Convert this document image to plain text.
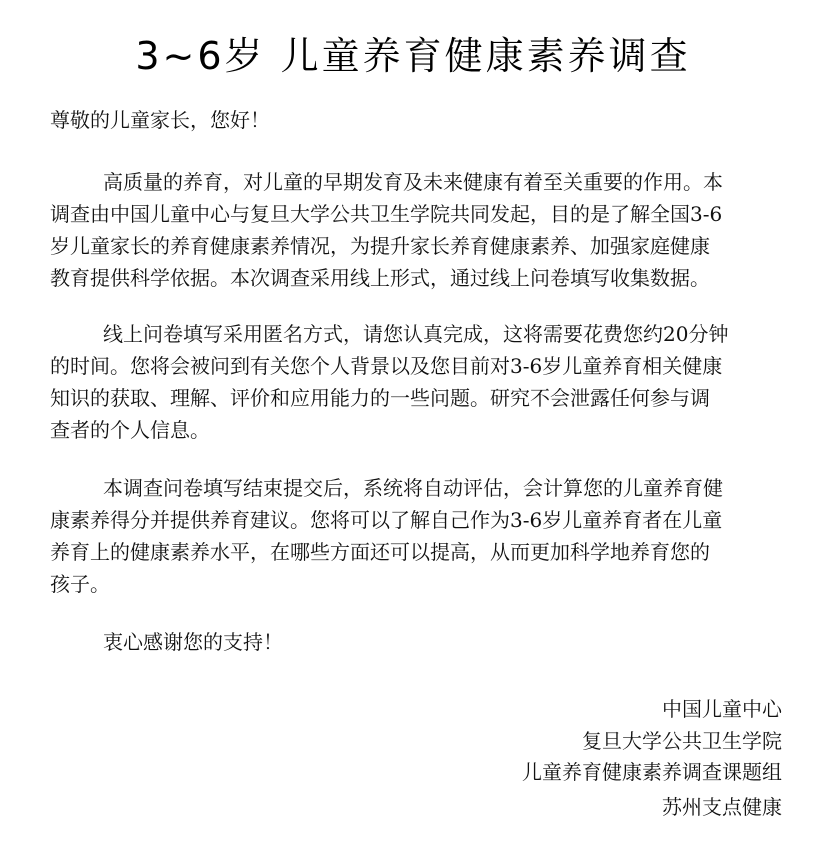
3~6岁 儿童养育健康素养调查
尊敬的儿童家长，您好！
高质量的养育，对儿童的早期发育及未来健康有着至关重要的作用。本
调查由中国儿童中心与复旦大学公共卫生学院共同发起，目的是了解全国3-6
岁儿童家长的养育健康素养情况，为提升家长养育健康素养、加强家庭健康
教育提供科学依据。本次调查采用线上形式，通过线上问卷填写收集数据。
线上问卷填写采用匿名方式，请您认真完成，这将需要花费您约20分钟
的时间。您将会被问到有关您个人背景以及您目前对3-6岁儿童养育相关健康
知识的获取、理解、评价和应用能力的一些问题。研究不会泄露任何参与调
查者的个人信息。
本调查问卷填写结束提交后，系统将自动评估，会计算您的儿童养育健
康素养得分并提供养育建议。您将可以了解自己作为3-6岁儿童养育者在儿童
养育上的健康素养水平，在哪些方面还可以提高，从而更加科学地养育您的
孩子。
衷心感谢您的支持！
中国儿童中心
复旦大学公共卫生学院
儿童养育健康素养调查课题组
苏州支点健康
